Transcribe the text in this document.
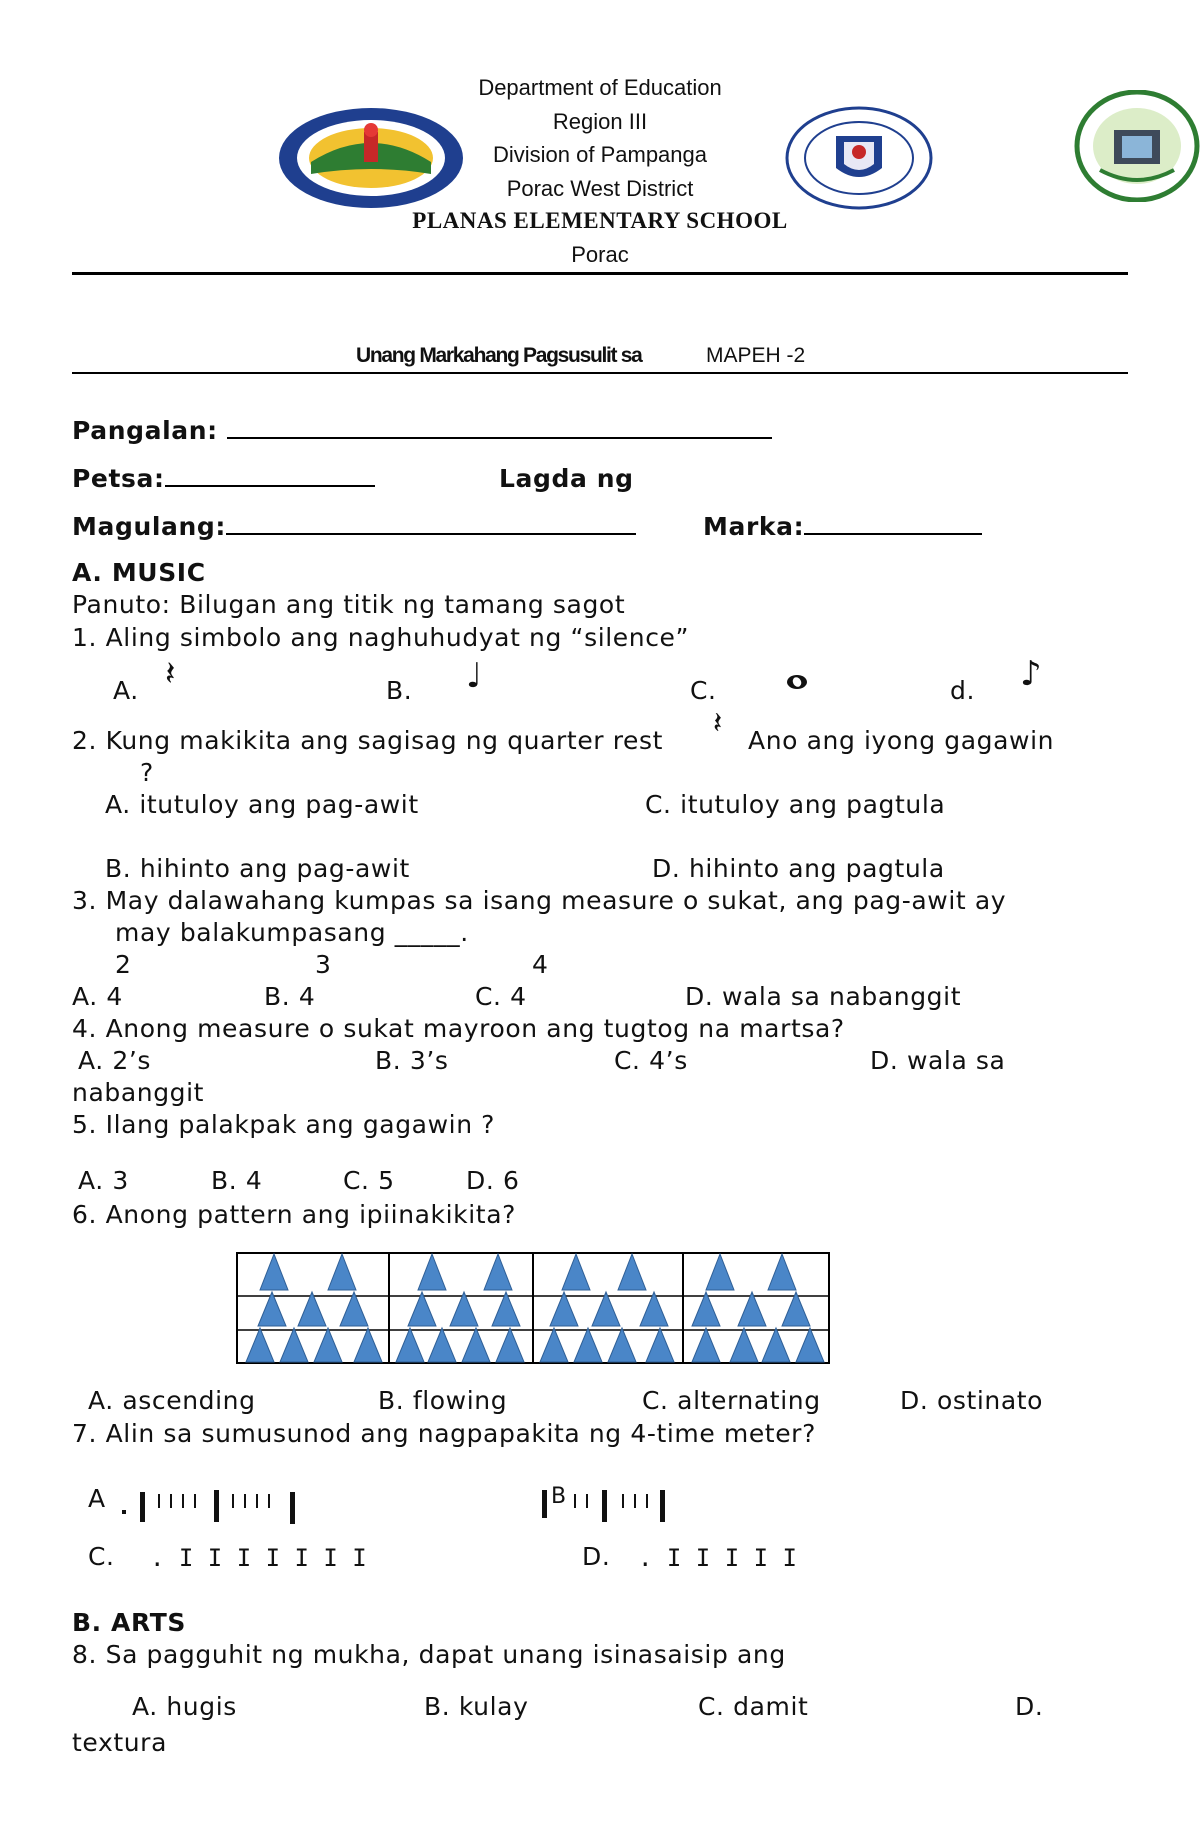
Department of Education
Region III
Division of Pampanga
Porac West District
PLANAS ELEMENTARY SCHOOL
Porac
Unang Markahang Pagsusulit sa	MAPEH -2
Pangalan:
Petsa:	Lagda ng
Magulang:	Marka:
A. MUSIC
Panuto: Bilugan ang titik ng tamang sagot
1. Aling simbolo ang naghuhudyat ng “silence”
A. 𝄽	B. ♩	C.	d. ♪
2. Kung makikita ang sagisag ng quarter rest 𝄽 Ano ang iyong gagawin
?
A. itutuloy ang pag-awit	C. itutuloy ang pagtula
B. hihinto ang pag-awit	D. hihinto ang pagtula
3. May dalawahang kumpas sa isang measure o sukat, ang pag-awit ay
may balakumpasang _____.
2	3	4
A. 4	B. 4	C. 4	D. wala sa nabanggit
4. Anong measure o sukat mayroon ang tugtog na martsa?
A. 2’s	B. 3’s	C. 4’s	D. wala sa
nabanggit
5. Ilang palakpak ang gagawin ?
A. 3	B. 4	C. 5	D. 6
6. Anong pattern ang ipiinakikita?
A. ascending	B. flowing	C. alternating	D. ostinato
7. Alin sa sumusunod ang nagpapakita ng 4-time meter?
A	B
C. . I I I I I I I	D. . I I I I I
B. ARTS
8. Sa pagguhit ng mukha, dapat unang isinasaisip ang
A. hugis	B. kulay	C. damit	D.
textura
